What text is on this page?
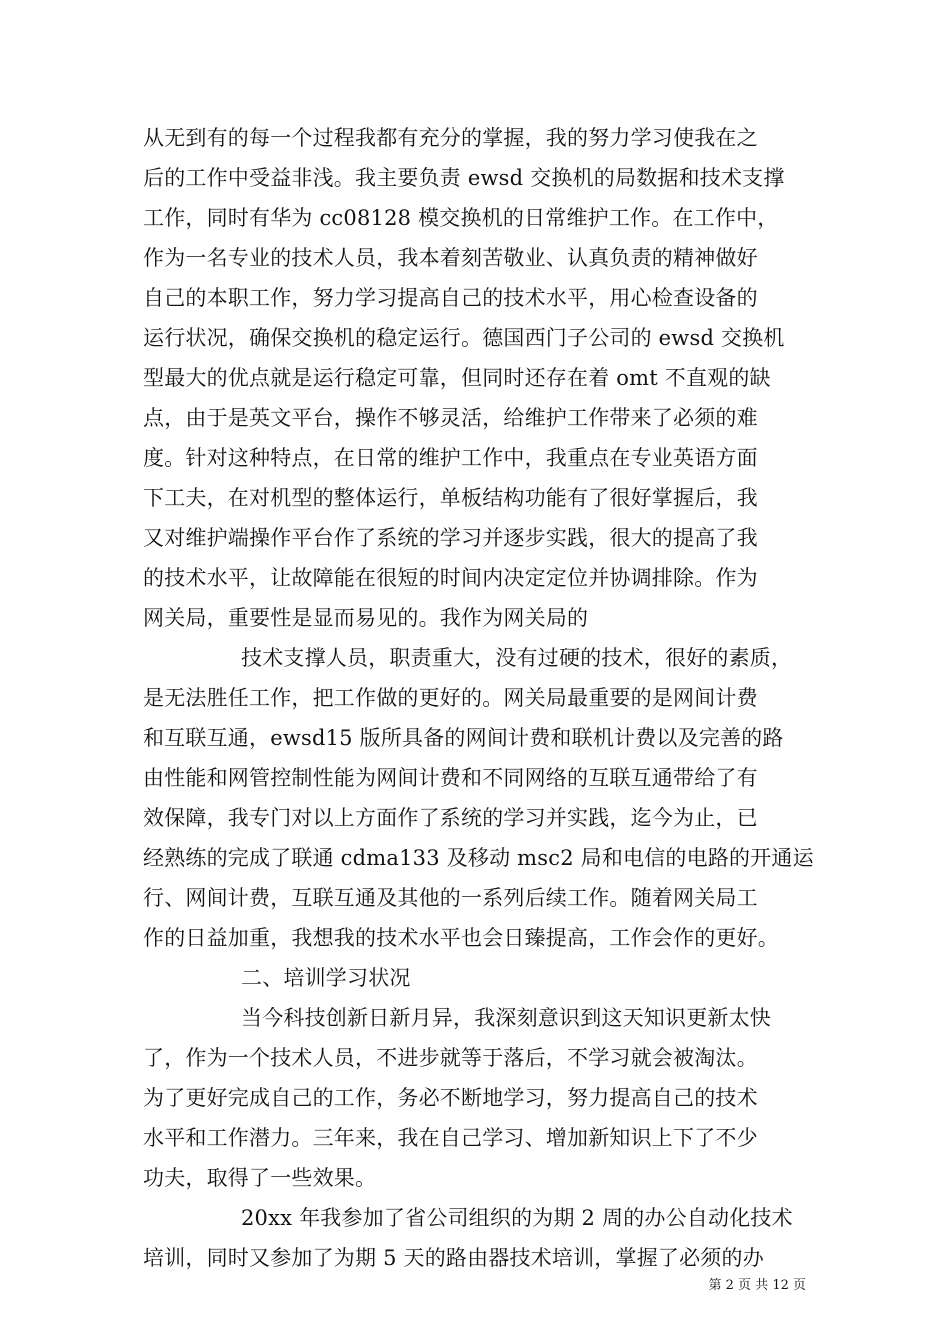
从无到有的每一个过程我都有充分的掌握，我的努力学习使我在之
后的工作中受益非浅。我主要负责 ewsd 交换机的局数据和技术支撑
工作，同时有华为 cc08128 模交换机的日常维护工作。在工作中，
作为一名专业的技术人员，我本着刻苦敬业、认真负责的精神做好
自己的本职工作，努力学习提高自己的技术水平，用心检查设备的
运行状况，确保交换机的稳定运行。德国西门子公司的 ewsd 交换机
型最大的优点就是运行稳定可靠，但同时还存在着 omt 不直观的缺
点，由于是英文平台，操作不够灵活，给维护工作带来了必须的难
度。针对这种特点，在日常的维护工作中，我重点在专业英语方面
下工夫，在对机型的整体运行，单板结构功能有了很好掌握后，我
又对维护端操作平台作了系统的学习并逐步实践，很大的提高了我
的技术水平，让故障能在很短的时间内决定定位并协调排除。作为
网关局，重要性是显而易见的。我作为网关局的
技术支撑人员，职责重大，没有过硬的技术，很好的素质，
是无法胜任工作，把工作做的更好的。网关局最重要的是网间计费
和互联互通，ewsd15 版所具备的网间计费和联机计费以及完善的路
由性能和网管控制性能为网间计费和不同网络的互联互通带给了有
效保障，我专门对以上方面作了系统的学习并实践，迄今为止，已
经熟练的完成了联通 cdma133 及移动 msc2 局和电信的电路的开通运
行、网间计费，互联互通及其他的一系列后续工作。随着网关局工
作的日益加重，我想我的技术水平也会日臻提高，工作会作的更好。
二、培训学习状况
当今科技创新日新月异，我深刻意识到这天知识更新太快
了，作为一个技术人员，不进步就等于落后，不学习就会被淘汰。
为了更好完成自己的工作，务必不断地学习，努力提高自己的技术
水平和工作潜力。三年来，我在自己学习、增加新知识上下了不少
功夫，取得了一些效果。
20xx 年我参加了省公司组织的为期 2 周的办公自动化技术
培训，同时又参加了为期 5 天的路由器技术培训，掌握了必须的办
第 2 页 共 12 页
